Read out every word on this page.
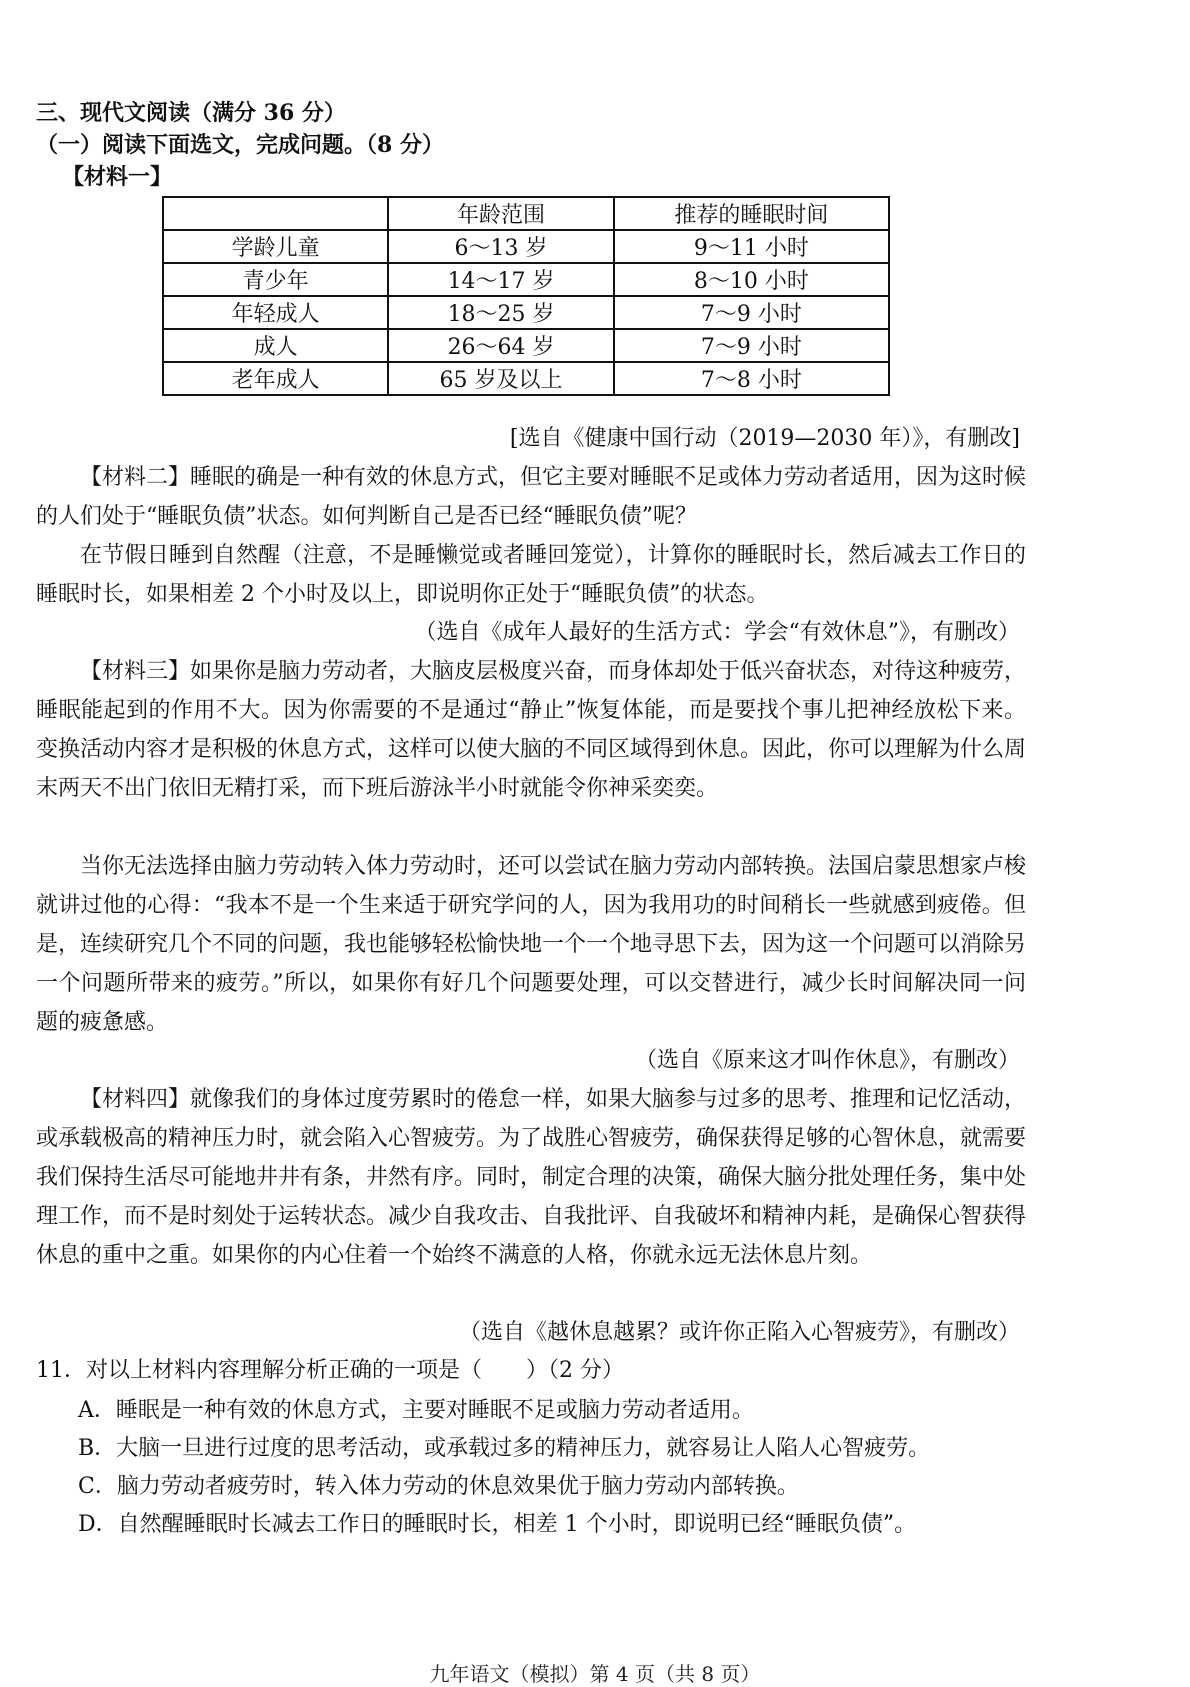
三、现代文阅读（满分 36 分）
（一）阅读下面选文，完成问题。（8 分）
【材料一】
	年龄范围	推荐的睡眠时间
学龄儿童	6～13 岁	9～11 小时
青少年	14～17 岁	8～10 小时
年轻成人	18～25 岁	7～9 小时
成人	26～64 岁	7～9 小时
老年成人	65 岁及以上	7～8 小时
[选自《健康中国行动（2019—2030 年）》，有删改]
【材料二】睡眠的确是一种有效的休息方式，但它主要对睡眠不足或体力劳动者适用，因为这时候的人们处于“睡眠负债”状态。如何判断自己是否已经“睡眠负债”呢？
在节假日睡到自然醒（注意，不是睡懒觉或者睡回笼觉），计算你的睡眠时长，然后减去工作日的睡眠时长，如果相差 2 个小时及以上，即说明你正处于“睡眠负债”的状态。
（选自《成年人最好的生活方式：学会“有效休息”》，有删改）
【材料三】如果你是脑力劳动者，大脑皮层极度兴奋，而身体却处于低兴奋状态，对待这种疲劳，睡眠能起到的作用不大。因为你需要的不是通过“静止”恢复体能，而是要找个事儿把神经放松下来。变换活动内容才是积极的休息方式，这样可以使大脑的不同区域得到休息。因此，你可以理解为什么周末两天不出门依旧无精打采，而下班后游泳半小时就能令你神采奕奕。
当你无法选择由脑力劳动转入体力劳动时，还可以尝试在脑力劳动内部转换。法国启蒙思想家卢梭就讲过他的心得：“我本不是一个生来适于研究学问的人，因为我用功的时间稍长一些就感到疲倦。但是，连续研究几个不同的问题，我也能够轻松愉快地一个一个地寻思下去，因为这一个问题可以消除另一个问题所带来的疲劳。”所以，如果你有好几个问题要处理，可以交替进行，减少长时间解决同一问题的疲惫感。
（选自《原来这才叫作休息》，有删改）
【材料四】就像我们的身体过度劳累时的倦怠一样，如果大脑参与过多的思考、推理和记忆活动，或承载极高的精神压力时，就会陷入心智疲劳。为了战胜心智疲劳，确保获得足够的心智休息，就需要我们保持生活尽可能地井井有条，井然有序。同时，制定合理的决策，确保大脑分批处理任务，集中处理工作，而不是时刻处于运转状态。减少自我攻击、自我批评、自我破坏和精神内耗，是确保心智获得休息的重中之重。如果你的内心住着一个始终不满意的人格，你就永远无法休息片刻。
（选自《越休息越累？或许你正陷入心智疲劳》，有删改）
11．对以上材料内容理解分析正确的一项是（　　）（2 分）
A．睡眠是一种有效的休息方式，主要对睡眠不足或脑力劳动者适用。
B．大脑一旦进行过度的思考活动，或承载过多的精神压力，就容易让人陷人心智疲劳。
C．脑力劳动者疲劳时，转入体力劳动的休息效果优于脑力劳动内部转换。
D．自然醒睡眠时长减去工作日的睡眠时长，相差 1 个小时，即说明已经“睡眠负债”。
九年语文（模拟）第 4 页（共 8 页）
